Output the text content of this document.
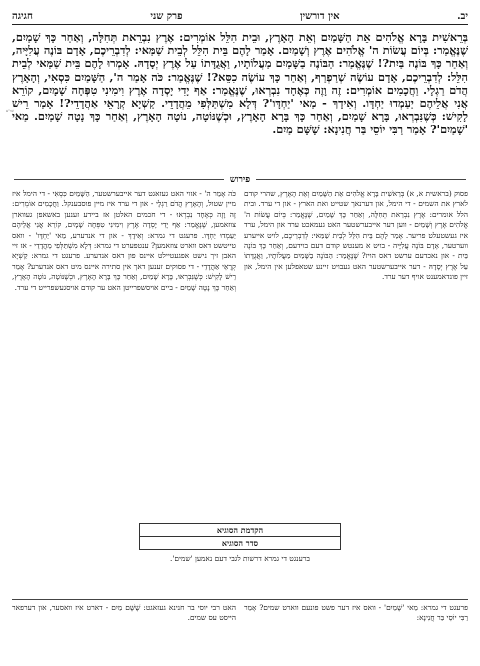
יב.
אין דורשין
פרק שני
חגיגה
בְּרֵאשִׁית בָּרָא אֱלֹהִים אֵת הַשָּׁמַיִם וְאֵת הָאָרֶץ, וּבֵית הִלֵּל אוֹמְרִים: אֶרֶץ נִבְרֵאת תְּחִלָּה, וְאַחַר כָּךְ שָׁמַיִם, שֶׁנֶּאֱמַר: בְּיוֹם עֲשׂוֹת ה' אֱלֹהִים אֶרֶץ וְשָׁמַיִם. אָמַר לָהֶם בֵּית הִלֵּל לְבֵית שַׁמַּאי: לְדִבְרֵיכֶם, אָדָם בּוֹנֶה עֲלִיָּיה, וְאַחַר כָּךְ בּוֹנֶה בַּיִת?! שֶׁנֶּאֱמַר: הַבּוֹנֶה בַשָּׁמַיִם מַעֲלוֹתָיו, וַאֲגֻדָּתוֹ עַל אֶרֶץ יְסָדָהּ. אָמְרוּ לָהֶם בֵּית שַׁמַּאי לְבֵית הִלֵּל: לְדִבְרֵיכֶם, אָדָם עוֹשֶׂה שְׁרַפְרַף, וְאַחַר כָּךְ עוֹשֶׂה כִסֵּא?! שֶׁנֶּאֱמַר: כֹּה אָמַר ה', הַשָּׁמַיִם כִּסְאִי, וְהָאָרֶץ הֲדֹם רַגְלָי. וַחֲכָמִים אוֹמְרִים: זֶה וָזֶה כְּאֶחָד נִבְרְאוּ, שֶׁנֶּאֱמַר: אַף יָדִי יָסְדָה אֶרֶץ וִימִינִי טִפְּחָה שָׁמָיִם, קוֹרֵא אֲנִי אֲלֵיהֶם יַעַמְדוּ יַחְדָּו. וְאִידָךְ - מַאי 'יַחְדָּו'? דְּלָא מִשְׁתַּלְּפִי מֵהֲדָדֵי. קַשְׁיָא קְרָאֵי אַהֲדָדֵי?! אָמַר רֵישׁ לָקִישׁ: כְּשֶׁנִּבְרְאוּ, בָּרָא שָׁמַיִם, וְאַחַר כָּךְ בָּרָא הָאָרֶץ, וּכְשֶׁנּוֹטָה, נוֹטָה הָאָרֶץ, וְאַחַר כָּךְ נָטָה שָׁמַיִם. מַאי 'שָׁמַיִם'? אָמַר רַבִּי יוֹסֵי בַּר חֲנִינָא: שָׁשָּׁם מַיִם.
שו"ע
פירוש

פסוק (בראשית א, א) בְּרֵאשִׁית בָּרָא אֱלֹהִים אֵת הַשָּׁמַיִם וְאֵת הָאָרֶץ, שהרי קודם לארץ את השמים - די הימל, און דערנאך שטייט ואת הארץ - און די ערד. ובית הלל אומרים: אֶרֶץ נִבְרֵאת תְּחִלָּה, וְאַחַר כָּךְ שָׁמַיִם, שֶׁנֶּאֱמַר: בְּיוֹם עֲשׂוֹת ה' אֱלֹהִים אֶרֶץ וְשָׁמַיִם - ווען דער אייבערשטער האט געמאכט ערד און הימל, ערד איז געשטעלט פריער. אָמַר לָהֶם בֵּית הִלֵּל לְבֵית שַׁמַּאי: לְדִבְרֵיכֶם, לויט אייערע ווערטער, אָדָם בּוֹנֶה עֲלִיָּיה - בויט א מענטש קודם דעם בוידעם, וְאַחַר כָּךְ בּוֹנֶה בַּיִת - און נאכדעם ערשט דאס הויז? שֶׁנֶּאֱמַר: הַבּוֹנֶה בַשָּׁמַיִם מַעֲלוֹתָיו, וַאֲגֻדָּתוֹ עַל אֶרֶץ יְסָדָהּ - דער אייבערשטער האט געבויט זיינע שטאפלען אין הימל, און זיין פונדאמענט אויף דער ערד.

כֹּה אָמַר ה' - אזוי האט געזאגט דער אייבערשטער, הַשָּׁמַיִם כִּסְאִי - די הימל איז מיין שטול, וְהָאָרֶץ הֲדֹם רַגְלָי - און די ערד איז מיין פוסבענקל. וַחֲכָמִים אוֹמְרִים: זֶה וָזֶה כְּאֶחָד נִבְרְאוּ - די חכמים האלטן אז ביידע זענען באשאפן געווארן צוזאמען, שֶׁנֶּאֱמַר: אַף יָדִי יָסְדָה אֶרֶץ וִימִינִי טִפְּחָה שָׁמָיִם, קוֹרֵא אֲנִי אֲלֵיהֶם יַעַמְדוּ יַחְדָּו. פרעגט די גמרא: וְאִידָךְ - און די אנדערע, מַאי 'יַחְדָּו' - וואס טייטשט דאס ווארט צוזאמען? ענטפערט די גמרא: דְּלָא מִשְׁתַּלְּפִי מֵהֲדָדֵי - אז זיי האבן זיך נישט אפגעטיילט איינס פון דאס אנדערע. פרעגט די גמרא: קַשְׁיָא קְרָאֵי אַהֲדָדֵי - די פסוקים זענען דאך אין סתירה איינס מיט דאס אנדערע? אָמַר רֵישׁ לָקִישׁ: כְּשֶׁנִּבְרְאוּ, בָּרָא שָׁמַיִם, וְאַחַר כָּךְ בָּרָא הָאָרֶץ, וּכְשֶׁנּוֹטָה, נוֹטָה הָאָרֶץ, וְאַחַר כָּךְ נָטָה שָׁמַיִם - ביים אויסשפרייטן האט ער קודם אויסגעשפרייט די ערד.

הקדמת הסוגיא
סדר הסוגיא
ברענגט די גמרא דרשות לגבי דעם נאמען 'שמים'.
פרעגט די גמרא: מַאי 'שָׁמַיִם' - וואס איז דער פשט פונעם ווארט שמים? אָמַר רַבִּי יוֹסֵי בַּר חֲנִינָא:
האט רבי יוסי בר חנינא געזאגט: שָׁשָּׁם מַיִם - דארט איז וואסער, און דערפאר הייסט עס שמים.
